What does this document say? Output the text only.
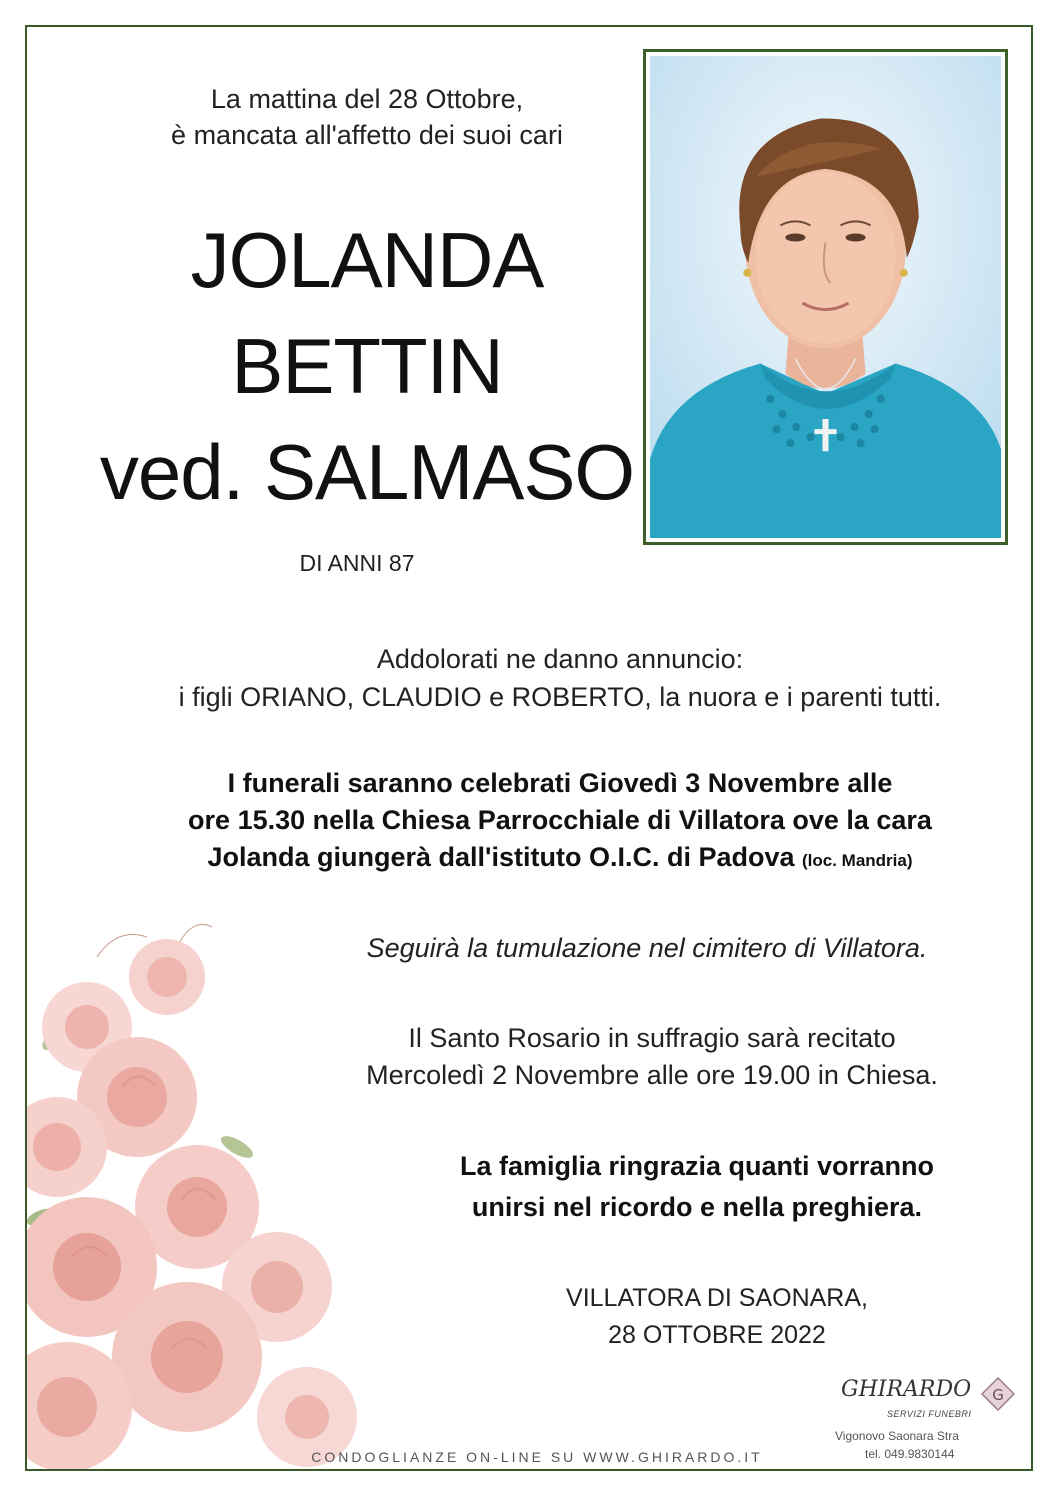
La mattina del 28 Ottobre,
è mancata all'affetto dei suoi cari
JOLANDA
BETTIN
ved. SALMASO
DI ANNI 87
Addolorati ne danno annuncio:
i figli ORIANO, CLAUDIO e ROBERTO, la nuora e i parenti tutti.
I funerali saranno celebrati Giovedì 3 Novembre alle
ore 15.30 nella Chiesa Parrocchiale di Villatora ove la cara
Jolanda giungerà dall'istituto O.I.C. di Padova (loc. Mandria)
Seguirà la tumulazione nel cimitero di Villatora.
Il Santo Rosario in suffragio sarà recitato
Mercoledì 2 Novembre alle ore 19.00 in Chiesa.
La famiglia ringrazia quanti vorranno
unirsi nel ricordo e nella preghiera.
VILLATORA DI SAONARA,
28 OTTOBRE 2022
CONDOGLIANZE ON-LINE SU WWW.GHIRARDO.IT
GHIRARDO
SERVIZI FUNEBRI
G
Vigonovo Saonara Stra
tel. 049.9830144
